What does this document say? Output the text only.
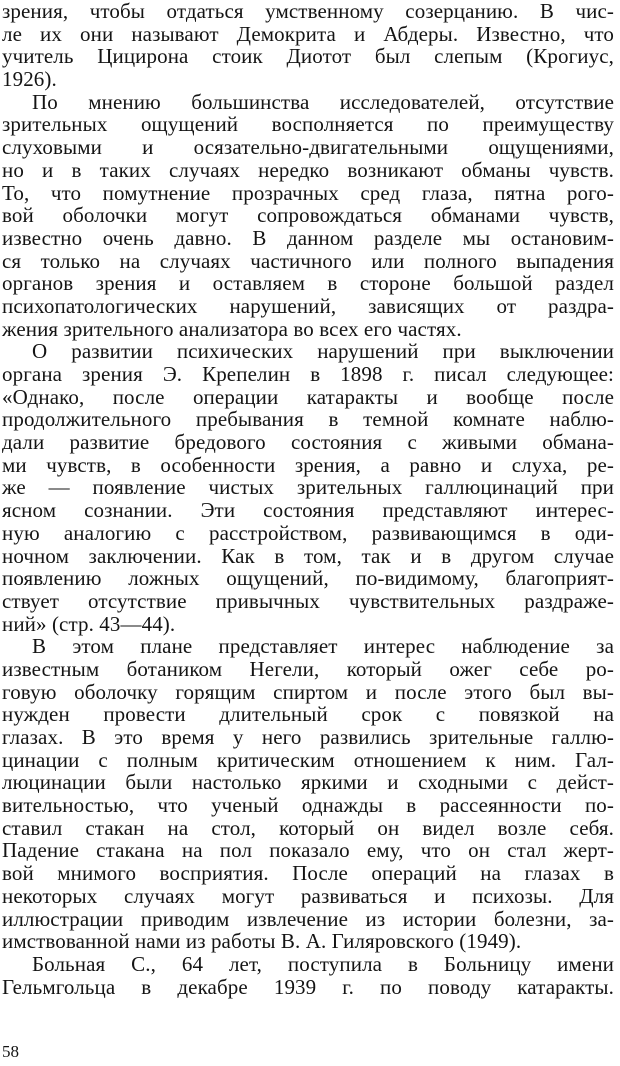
зрения, чтобы отдаться умственному созерцанию. В чис-
ле их они называют Демокрита и Абдеры. Известно, что
учитель Цицирона стоик Диотот был слепым (Крогиус,
1926).
По мнению большинства исследователей, отсутствие
зрительных ощущений восполняется по преимуществу
слуховыми и осязательно-двигательными ощущениями,
но и в таких случаях нередко возникают обманы чувств.
То, что помутнение прозрачных сред глаза, пятна рого-
вой оболочки могут сопровождаться обманами чувств,
известно очень давно. В данном разделе мы остановим-
ся только на случаях частичного или полного выпадения
органов зрения и оставляем в стороне большой раздел
психопатологических нарушений, зависящих от раздра-
жения зрительного анализатора во всех его частях.
О развитии психических нарушений при выключении
органа зрения Э. Крепелин в 1898 г. писал следующее:
«Однако, после операции катаракты и вообще после
продолжительного пребывания в темной комнате наблю-
дали развитие бредового состояния с живыми обмана-
ми чувств, в особенности зрения, а равно и слуха, ре-
же — появление чистых зрительных галлюцинаций при
ясном сознании. Эти состояния представляют интерес-
ную аналогию с расстройством, развивающимся в оди-
ночном заключении. Как в том, так и в другом случае
появлению ложных ощущений, по-видимому, благоприят-
ствует отсутствие привычных чувствительных раздраже-
ний» (стр. 43—44).
В этом плане представляет интерес наблюдение за
известным ботаником Негели, который ожег себе ро-
говую оболочку горящим спиртом и после этого был вы-
нужден провести длительный срок с повязкой на
глазах. В это время у него развились зрительные галлю-
цинации с полным критическим отношением к ним. Гал-
люцинации были настолько яркими и сходными с дейст-
вительностью, что ученый однажды в рассеянности по-
ставил стакан на стол, который он видел возле себя.
Падение стакана на пол показало ему, что он стал жерт-
вой мнимого восприятия. После операций на глазах в
некоторых случаях могут развиваться и психозы. Для
иллюстрации приводим извлечение из истории болезни, за-
имствованной нами из работы В. А. Гиляровского (1949).
Больная С., 64 лет, поступила в Больницу имени
Гельмгольца в декабре 1939 г. по поводу катаракты.
58
